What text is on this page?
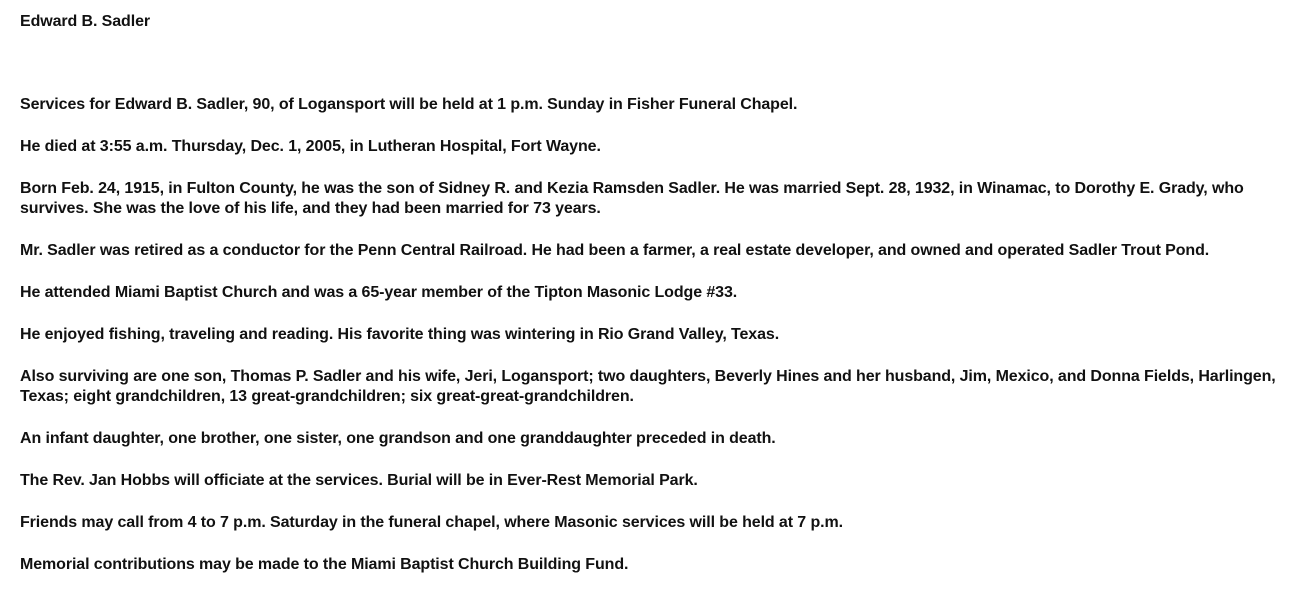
Edward B. Sadler

Services for Edward B. Sadler, 90, of Logansport will be held at 1 p.m. Sunday in Fisher Funeral Chapel.

He died at 3:55 a.m. Thursday, Dec. 1, 2005, in Lutheran Hospital, Fort Wayne.

Born Feb. 24, 1915, in Fulton County, he was the son of Sidney R. and Kezia Ramsden Sadler. He was married Sept. 28, 1932, in Winamac, to Dorothy E. Grady, who survives. She was the love of his life, and they had been married for 73 years.

Mr. Sadler was retired as a conductor for the Penn Central Railroad. He had been a farmer, a real estate developer, and owned and operated Sadler Trout Pond.

He attended Miami Baptist Church and was a 65-year member of the Tipton Masonic Lodge #33.

He enjoyed fishing, traveling and reading. His favorite thing was wintering in Rio Grand Valley, Texas.

Also surviving are one son, Thomas P. Sadler and his wife, Jeri, Logansport; two daughters, Beverly Hines and her husband, Jim, Mexico, and Donna Fields, Harlingen, Texas; eight grandchildren, 13 great-grandchildren; six great-great-grandchildren.

An infant daughter, one brother, one sister, one grandson and one granddaughter preceded in death.

The Rev. Jan Hobbs will officiate at the services. Burial will be in Ever-Rest Memorial Park.

Friends may call from 4 to 7 p.m. Saturday in the funeral chapel, where Masonic services will be held at 7 p.m.

Memorial contributions may be made to the Miami Baptist Church Building Fund.
